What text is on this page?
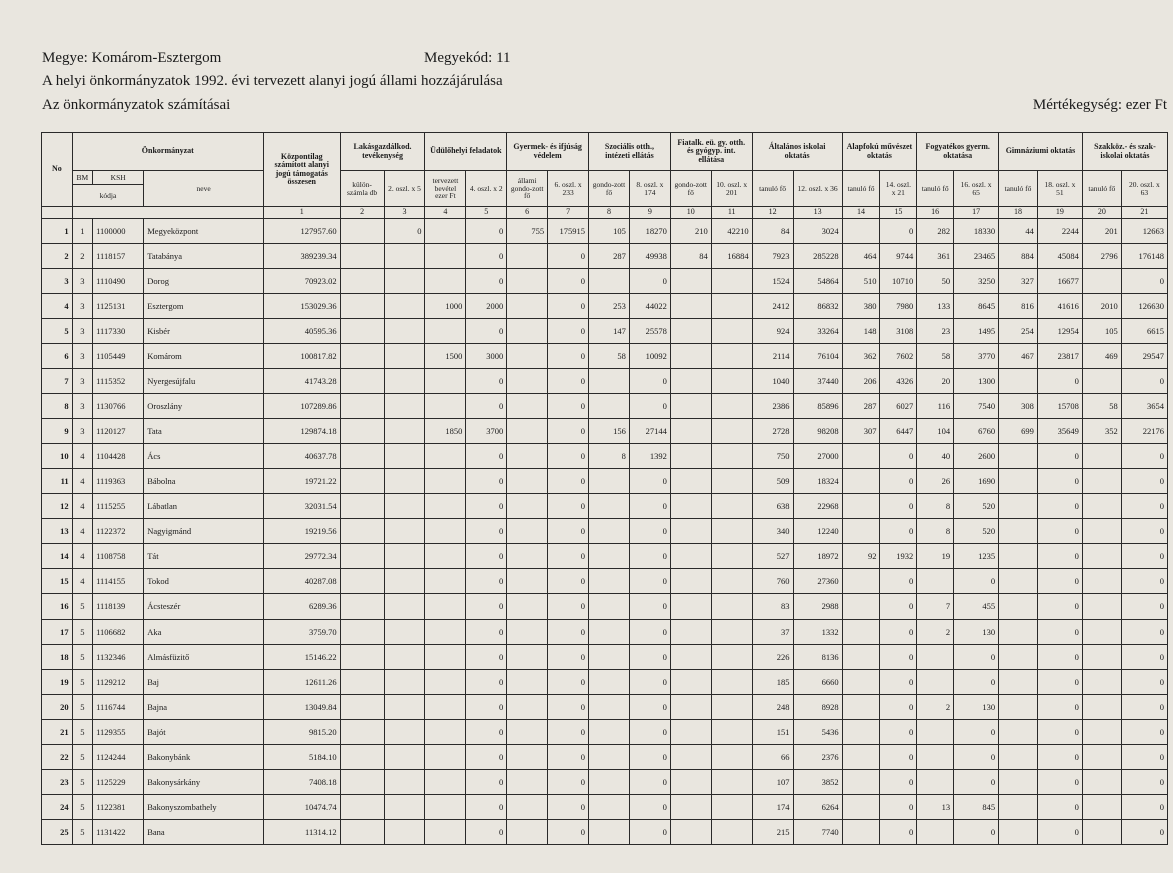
Megye: Komárom-Esztergom	Megyekód: 11
A helyi önkormányzatok 1992. évi tervezett alanyi jogú állami hozzájárulása
Az önkormányzatok számításai	Mértékegység: ezer Ft
No	Önkormányzat			Központilag számított alanyi jogú támogatás összesen	Lakásgazdálkod. tevékenység		Üdülőhelyi feladatok		Gyermek- és ifjúság védelem		Szociális otth., intézeti ellátás		Fiatalk. eü. gy. otth. és gyógyp. int. ellátása		Általános iskolai oktatás		Alapfokú művészet oktatás		Fogyatékos gyerm. oktatása		Gimnáziumi oktatás		Szakköz.- és szak-iskolai oktatás	
	BM	KSH	neve		külön-számla db	2. oszl. x 5	tervezett bevétel ezer Ft	4. oszl. x 2	állami gondo-zott fő	6. oszl. x 233	gondo-zott fő	8. oszl. x 174	gondo-zott fő	10. oszl. x 201	tanuló fő	12. oszl. x 36	tanuló fő	14. oszl. x 21	tanuló fő	16. oszl. x 65	tanuló fő	18. oszl. x 51	tanuló fő	20. oszl. x 63
	kódja																							
				1	2	3	4	5	6	7	8	9	10	11	12	13	14	15	16	17	18	19	20	21
1	1	1100000	Megyeközpont	127957.60		0		0	755	175915	105	18270	210	42210	84	3024		0	282	18330	44	2244	201	12663
2	2	1118157	Tatabánya	389239.34				0		0	287	49938	84	16884	7923	285228	464	9744	361	23465	884	45084	2796	176148
3	3	1110490	Dorog	70923.02				0		0		0			1524	54864	510	10710	50	3250	327	16677		0
4	3	1125131	Esztergom	153029.36			1000	2000		0	253	44022			2412	86832	380	7980	133	8645	816	41616	2010	126630
5	3	1117330	Kisbér	40595.36				0		0	147	25578			924	33264	148	3108	23	1495	254	12954	105	6615
6	3	1105449	Komárom	100817.82			1500	3000		0	58	10092			2114	76104	362	7602	58	3770	467	23817	469	29547
7	3	1115352	Nyergesújfalu	41743.28				0		0		0			1040	37440	206	4326	20	1300		0		0
8	3	1130766	Oroszlány	107289.86				0		0		0			2386	85896	287	6027	116	7540	308	15708	58	3654
9	3	1120127	Tata	129874.18			1850	3700		0	156	27144			2728	98208	307	6447	104	6760	699	35649	352	22176
10	4	1104428	Ács	40637.78				0		0	8	1392			750	27000		0	40	2600		0		0
11	4	1119363	Bábolna	19721.22				0		0		0			509	18324		0	26	1690		0		0
12	4	1115255	Lábatlan	32031.54				0		0		0			638	22968		0	8	520		0		0
13	4	1122372	Nagyigmánd	19219.56				0		0		0			340	12240		0	8	520		0		0
14	4	1108758	Tát	29772.34				0		0		0			527	18972	92	1932	19	1235		0		0
15	4	1114155	Tokod	40287.08				0		0		0			760	27360		0		0		0		0
16	5	1118139	Ácsteszér	6289.36				0		0		0			83	2988		0	7	455		0		0
17	5	1106682	Aka	3759.70				0		0		0			37	1332		0	2	130		0		0
18	5	1132346	Almásfüzitő	15146.22				0		0		0			226	8136		0		0		0		0
19	5	1129212	Baj	12611.26				0		0		0			185	6660		0		0		0		0
20	5	1116744	Bajna	13049.84				0		0		0			248	8928		0	2	130		0		0
21	5	1129355	Bajót	9815.20				0		0		0			151	5436		0		0		0		0
22	5	1124244	Bakonybánk	5184.10				0		0		0			66	2376		0		0		0		0
23	5	1125229	Bakonysárkány	7408.18				0		0		0			107	3852		0		0		0		0
24	5	1122381	Bakonyszombathely	10474.74				0		0		0			174	6264		0	13	845		0		0
25	5	1131422	Bana	11314.12				0		0		0			215	7740		0		0		0		0
